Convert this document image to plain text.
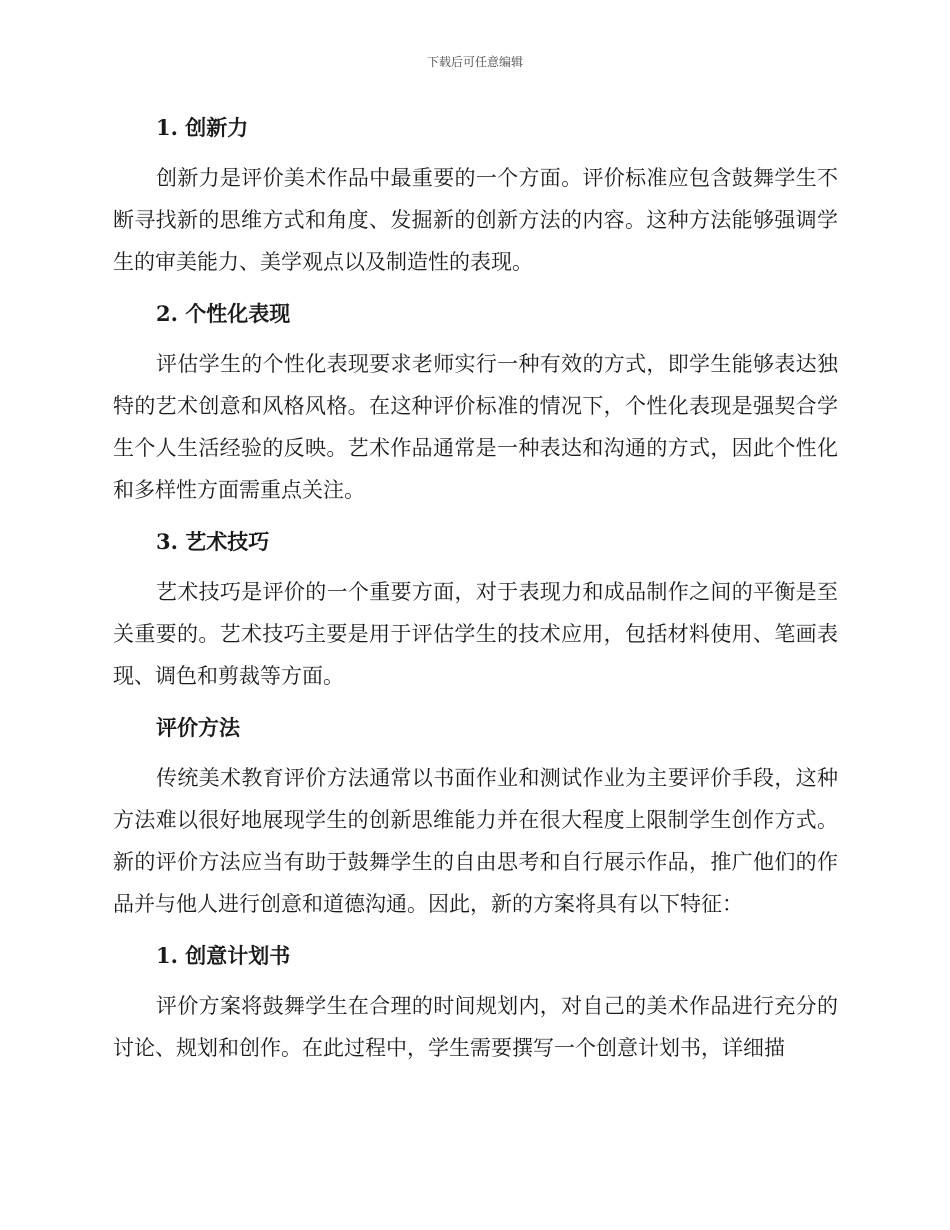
下载后可任意编辑
1. 创新力
创新力是评价美术作品中最重要的一个方面。评价标准应包含鼓舞学生不断寻找新的思维方式和角度、发掘新的创新方法的内容。这种方法能够强调学生的审美能力、美学观点以及制造性的表现。
2. 个性化表现
评估学生的个性化表现要求老师实行一种有效的方式，即学生能够表达独特的艺术创意和风格风格。在这种评价标准的情况下，个性化表现是强契合学生个人生活经验的反映。艺术作品通常是一种表达和沟通的方式，因此个性化和多样性方面需重点关注。
3. 艺术技巧
艺术技巧是评价的一个重要方面，对于表现力和成品制作之间的平衡是至关重要的。艺术技巧主要是用于评估学生的技术应用，包括材料使用、笔画表现、调色和剪裁等方面。
评价方法
传统美术教育评价方法通常以书面作业和测试作业为主要评价手段，这种方法难以很好地展现学生的创新思维能力并在很大程度上限制学生创作方式。新的评价方法应当有助于鼓舞学生的自由思考和自行展示作品，推广他们的作品并与他人进行创意和道德沟通。因此，新的方案将具有以下特征：
1. 创意计划书
评价方案将鼓舞学生在合理的时间规划内，对自己的美术作品进行充分的讨论、规划和创作。在此过程中，学生需要撰写一个创意计划书，详细描
